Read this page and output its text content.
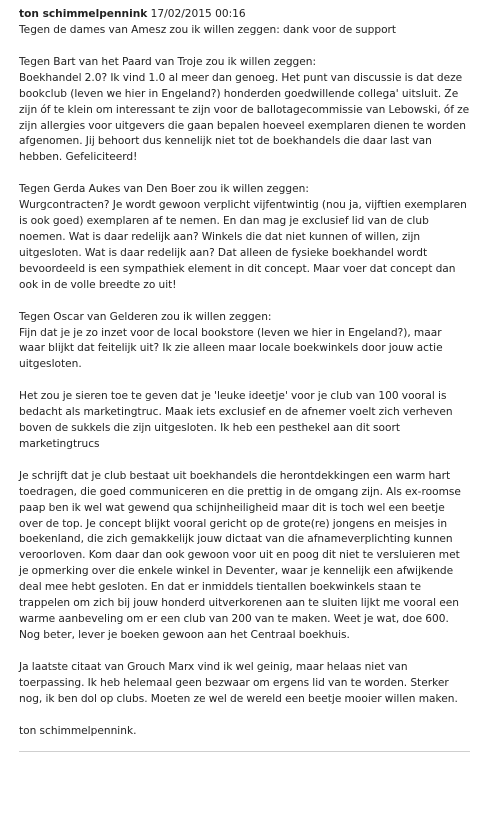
ton schimmelpennink 17/02/2015 00:16

Tegen de dames van Amesz zou ik willen zeggen: dank voor de support

Tegen Bart van het Paard van Troje zou ik willen zeggen:
Boekhandel 2.0? Ik vind 1.0 al meer dan genoeg. Het punt van discussie is dat deze bookclub (leven we hier in Engeland?) honderden goedwillende collega' uitsluit. Ze zijn óf te klein om interessant te zijn voor de ballotagecommissie van Lebowski, óf ze zijn allergies voor uitgevers die gaan bepalen hoeveel exemplaren dienen te worden afgenomen. Jij behoort dus kennelijk niet tot de boekhandels die daar last van hebben. Gefeliciteerd!

Tegen Gerda Aukes van Den Boer zou ik willen zeggen:
Wurgcontracten? Je wordt gewoon verplicht vijfentwintig (nou ja, vijftien exemplaren is ook goed) exemplaren af te nemen. En dan mag je exclusief lid van de club noemen. Wat is daar redelijk aan? Winkels die dat niet kunnen of willen, zijn uitgesloten. Wat is daar redelijk aan? Dat alleen de fysieke boekhandel wordt bevoordeeld is een sympathiek element in dit concept. Maar voer dat concept dan ook in de volle breedte zo uit!

Tegen Oscar van Gelderen zou ik willen zeggen:
Fijn dat je je zo inzet voor de local bookstore (leven we hier in Engeland?), maar waar blijkt dat feitelijk uit? Ik zie alleen maar locale boekwinkels door jouw actie uitgesloten.

Het zou je sieren toe te geven dat je 'leuke ideetje' voor je club van 100 vooral is bedacht als marketingtruc. Maak iets exclusief en de afnemer voelt zich verheven boven de sukkels die zijn uitgesloten. Ik heb een pesthekel aan dit soort marketingtrucs

Je schrijft dat je club bestaat uit boekhandels die herontdekkingen een warm hart toedragen, die goed communiceren en die prettig in de omgang zijn. Als ex-roomse paap ben ik wel wat gewend qua schijnheiligheid maar dit is toch wel een beetje over de top. Je concept blijkt vooral gericht op de grote(re) jongens en meisjes in boekenland, die zich gemakkelijk jouw dictaat van die afnameverplichting kunnen veroorloven. Kom daar dan ook gewoon voor uit en poog dit niet te versluieren met je opmerking over die enkele winkel in Deventer, waar je kennelijk een afwijkende deal mee hebt gesloten. En dat er inmiddels tientallen boekwinkels staan te trappelen om zich bij jouw honderd uitverkorenen aan te sluiten lijkt me vooral een warme aanbeveling om er een club van 200 van te maken. Weet je wat, doe 600. Nog beter, lever je boeken gewoon aan het Centraal boekhuis.

Ja laatste citaat van Grouch Marx vind ik wel geinig, maar helaas niet van toerpassing. Ik heb helemaal geen bezwaar om ergens lid van te worden. Sterker nog, ik ben dol op clubs. Moeten ze wel de wereld een beetje mooier willen maken.

ton schimmelpennink.
